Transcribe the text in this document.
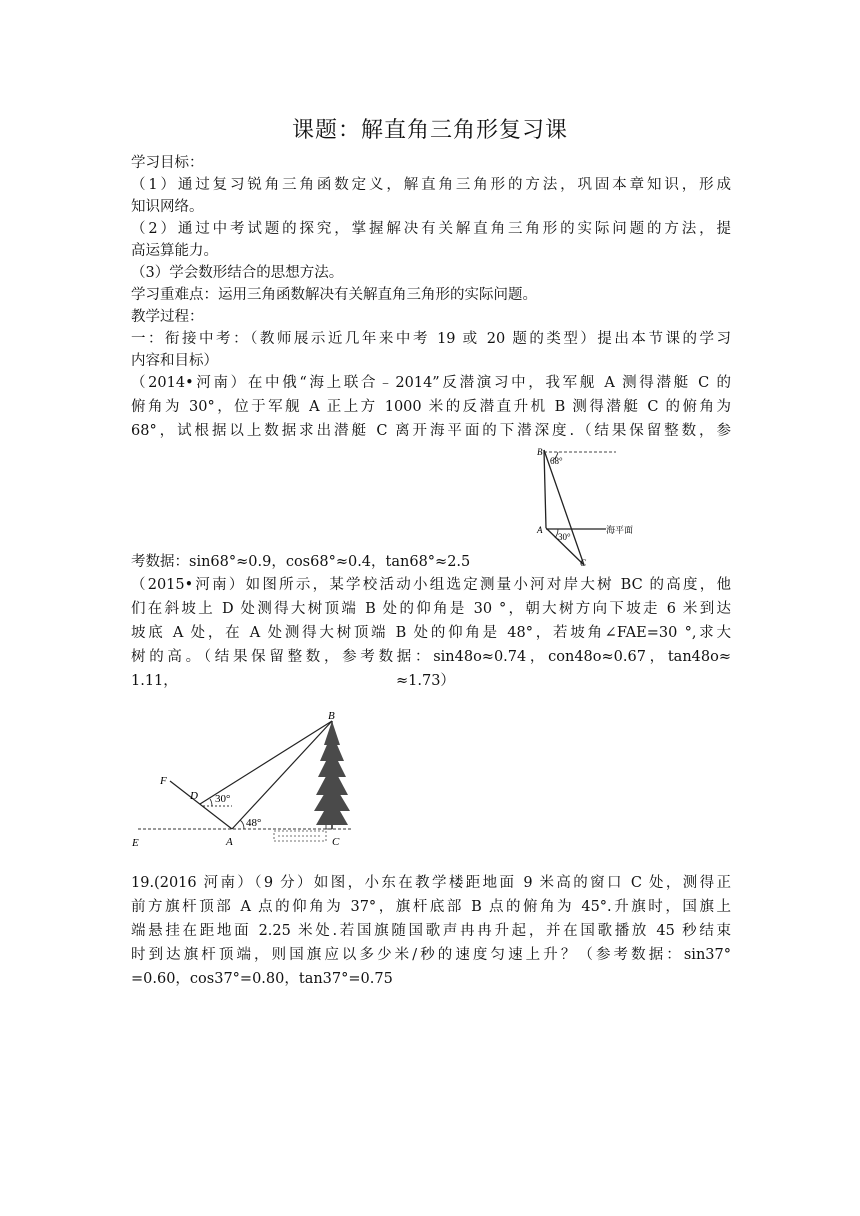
课题：解直角三角形复习课
学习目标：
（1）通过复习锐角三角函数定义，解直角三角形的方法，巩固本章知识，形成
知识网络。
（2）通过中考试题的探究，掌握解决有关解直角三角形的实际问题的方法，提
高运算能力。
（3）学会数形结合的思想方法。
学习重难点：运用三角函数解决有关解直角三角形的实际问题。
教学过程：
一：衔接中考：（教师展示近几年来中考 19 或 20 题的类型）提出本节课的学习
内容和目标）
（2014•河南）在中俄“海上联合﹣2014”反潜演习中，我军舰 A 测得潜艇 C 的
俯角为 30°，位于军舰 A 正上方 1000 米的反潜直升机 B 测得潜艇 C 的俯角为
68°，试根据以上数据求出潜艇 C 离开海平面的下潜深度.（结果保留整数，参
B
68°
A
30°
海平面
C
考数据：sin68°≈0.9，cos68°≈0.4，tan68°≈2.5
（2015•河南）如图所示，某学校活动小组选定测量小河对岸大树 BC 的高度，他
们在斜坡上 D 处测得大树顶端 B 处的仰角是 30 °，朝大树方向下坡走 6 米到达
坡底 A 处，在 A 处测得大树顶端 B 处的仰角是 48°，若坡角∠FAE=30 °,求大
树的高。（结果保留整数，参考数据：sin48o≈0.74，con48o≈0.67，tan48o≈
1.11，	≈1.73）
B
F
D 30°
48°
E	A	C
19.(2016 河南）（9 分）如图，小东在教学楼距地面 9 米高的窗口 C 处，测得正
前方旗杆顶部 A 点的仰角为 37°，旗杆底部 B 点的俯角为 45°.升旗时，国旗上
端悬挂在距地面 2.25 米处.若国旗随国歌声冉冉升起，并在国歌播放 45 秒结束
时到达旗杆顶端，则国旗应以多少米/秒的速度匀速上升？（参考数据：sin37°
=0.60，cos37°=0.80，tan37°=0.75
